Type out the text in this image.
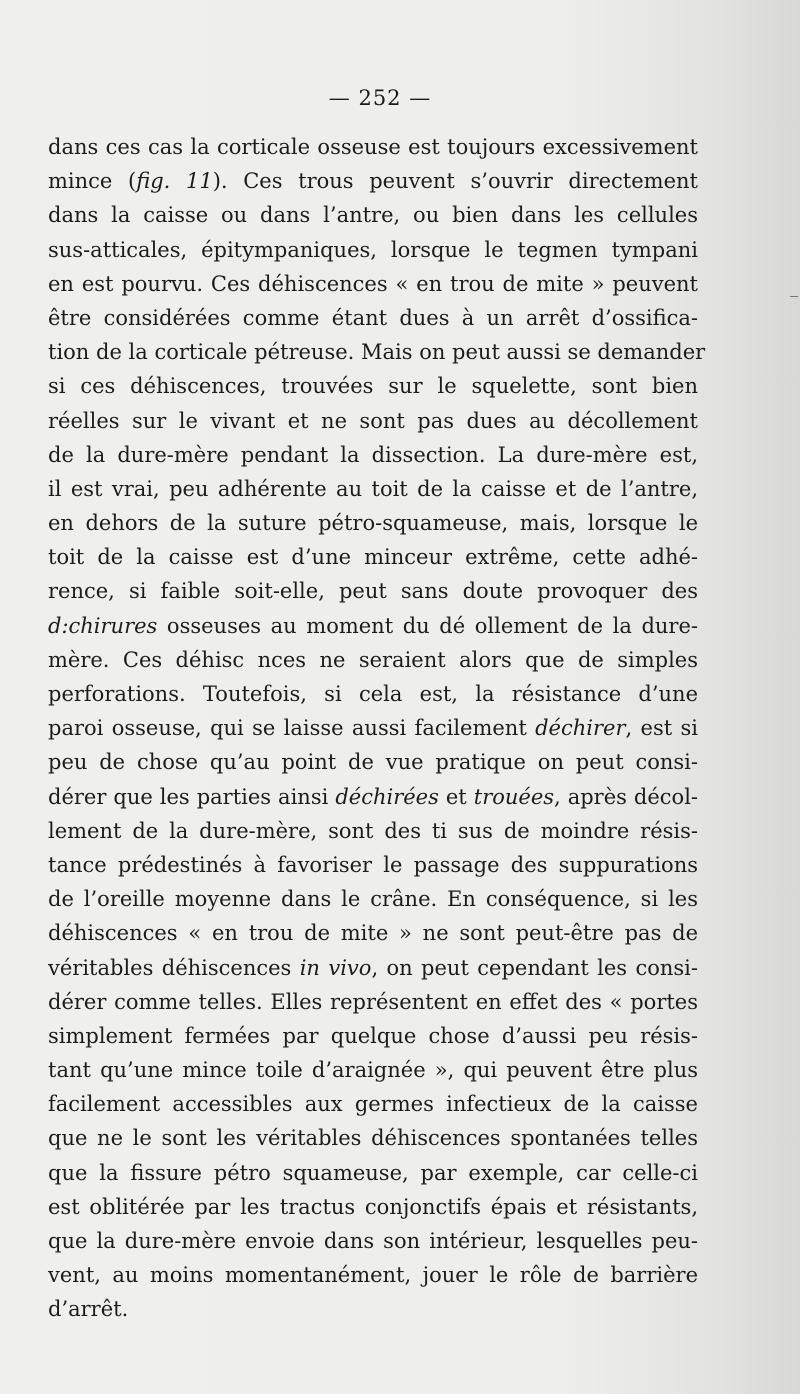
— 252 —
dans ces cas la corticale osseuse est toujours excessivement
mince (fig. 11). Ces trous peuvent s’ouvrir directement
dans la caisse ou dans l’antre, ou bien dans les cellules
sus-atticales, épitympaniques, lorsque le tegmen tympani
en est pourvu. Ces déhiscences « en trou de mite » peuvent
être considérées comme étant dues à un arrêt d’ossifica-
tion de la corticale pétreuse. Mais on peut aussi se demander
si ces déhiscences, trouvées sur le squelette, sont bien
réelles sur le vivant et ne sont pas dues au décollement
de la dure-mère pendant la dissection. La dure-mère est,
il est vrai, peu adhérente au toit de la caisse et de l’antre,
en dehors de la suture pétro-squameuse, mais, lorsque le
toit de la caisse est d’une minceur extrême, cette adhé-
rence, si faible soit-elle, peut sans doute provoquer des
d:chirures osseuses au moment du dé ollement de la dure-
mère. Ces déhisc nces ne seraient alors que de simples
perforations. Toutefois, si cela est, la résistance d’une
paroi osseuse, qui se laisse aussi facilement déchirer, est si
peu de chose qu’au point de vue pratique on peut consi-
dérer que les parties ainsi déchirées et trouées, après décol-
lement de la dure-mère, sont des ti sus de moindre résis-
tance prédestinés à favoriser le passage des suppurations
de l’oreille moyenne dans le crâne. En conséquence, si les
déhiscences « en trou de mite » ne sont peut-être pas de
véritables déhiscences in vivo, on peut cependant les consi-
dérer comme telles. Elles représentent en effet des « portes
simplement fermées par quelque chose d’aussi peu résis-
tant qu’une mince toile d’araignée », qui peuvent être plus
facilement accessibles aux germes infectieux de la caisse
que ne le sont les véritables déhiscences spontanées telles
que la fissure pétro squameuse, par exemple, car celle-ci
est oblitérée par les tractus conjonctifs épais et résistants,
que la dure-mère envoie dans son intérieur, lesquelles peu-
vent, au moins momentanément, jouer le rôle de barrière
d’arrêt.
